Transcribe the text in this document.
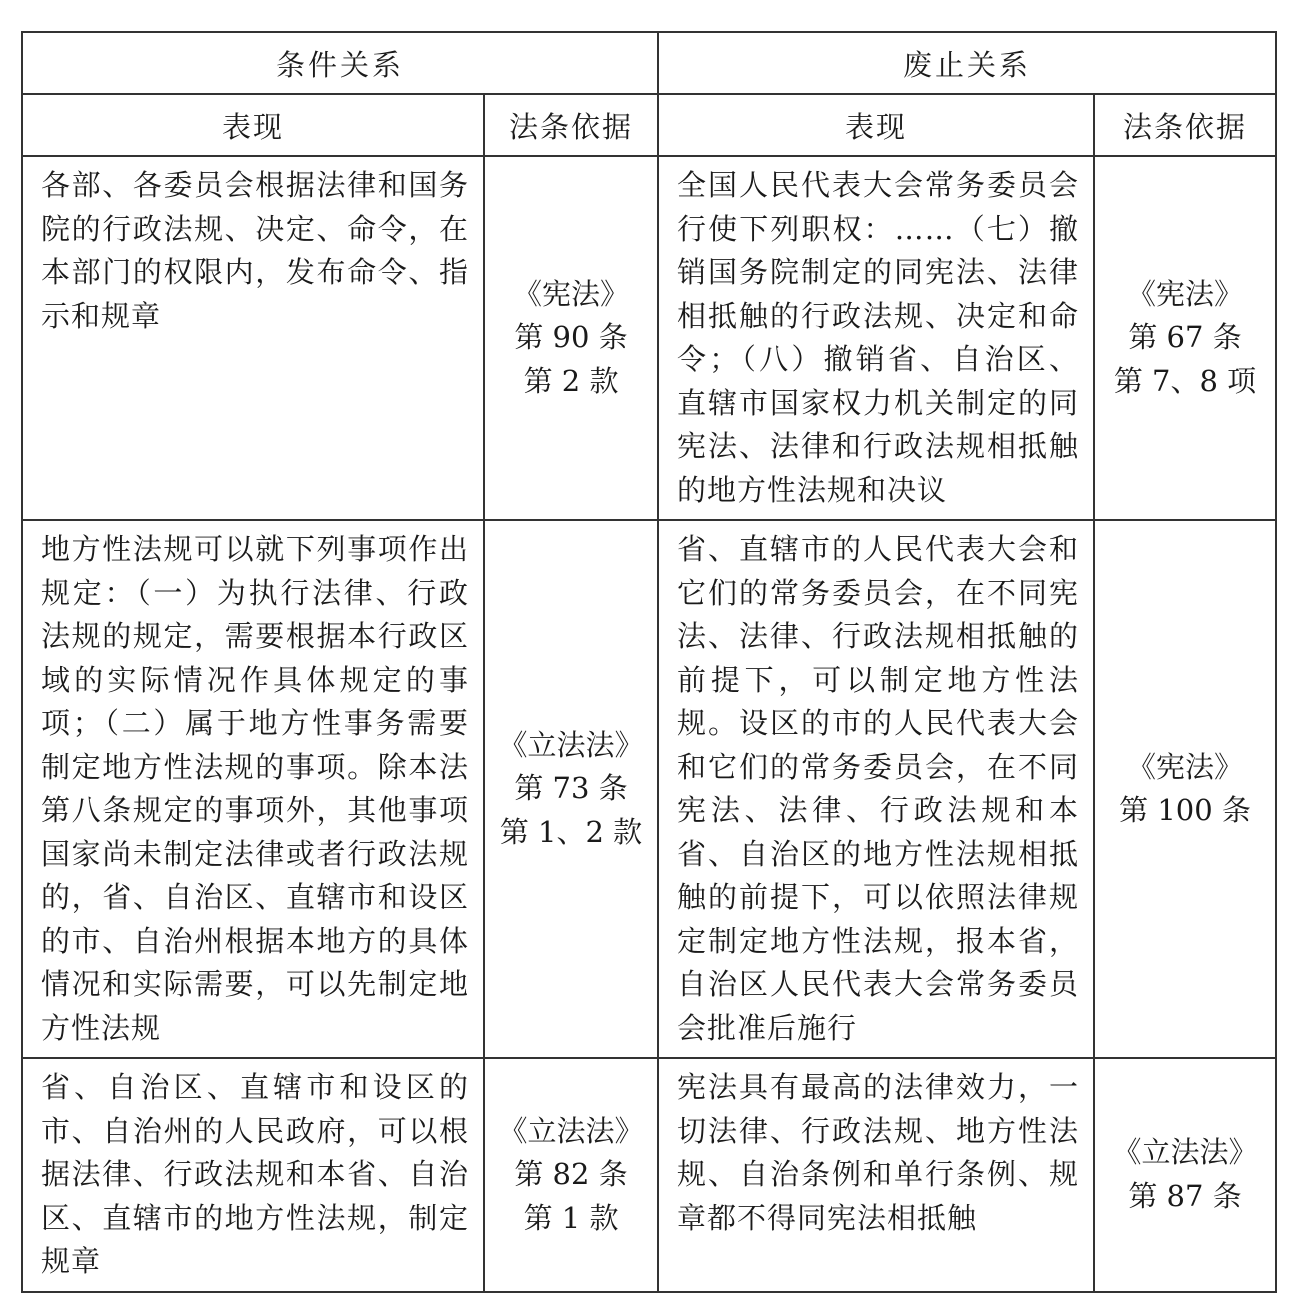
条件关系		废止关系	
表现	法条依据	表现	法条依据
各部、各委员会根据法律和国务院的行政法规、决定、命令，在本部门的权限内，发布命令、指示和规章	《宪法》
第 90 条
第 2 款	全国人民代表大会常务委员会行使下列职权：……（七）撤销国务院制定的同宪法、法律相抵触的行政法规、决定和命令；（八）撤销省、自治区、直辖市国家权力机关制定的同宪法、法律和行政法规相抵触的地方性法规和决议	《宪法》
第 67 条
第 7、8 项

地方性法规可以就下列事项作出规定：（一）为执行法律、行政法规的规定，需要根据本行政区域的实际情况作具体规定的事项；（二）属于地方性事务需要制定地方性法规的事项。除本法第八条规定的事项外，其他事项国家尚未制定法律或者行政法规的，省、自治区、直辖市和设区的市、自治州根据本地方的具体情况和实际需要，可以先制定地方性法规	《立法法》
第 73 条
第 1、2 款	省、直辖市的人民代表大会和它们的常务委员会，在不同宪法、法律、行政法规相抵触的前提下，可以制定地方性法规。设区的市的人民代表大会和它们的常务委员会，在不同宪法、法律、行政法规和本省、自治区的地方性法规相抵触的前提下，可以依照法律规定制定地方性法规，报本省，自治区人民代表大会常务委员会批准后施行	《宪法》
第 100 条

省、自治区、直辖市和设区的市、自治州的人民政府，可以根据法律、行政法规和本省、自治区、直辖市的地方性法规，制定规章	《立法法》
第 82 条
第 1 款	宪法具有最高的法律效力，一切法律、行政法规、地方性法规、自治条例和单行条例、规章都不得同宪法相抵触	《立法法》
第 87 条
